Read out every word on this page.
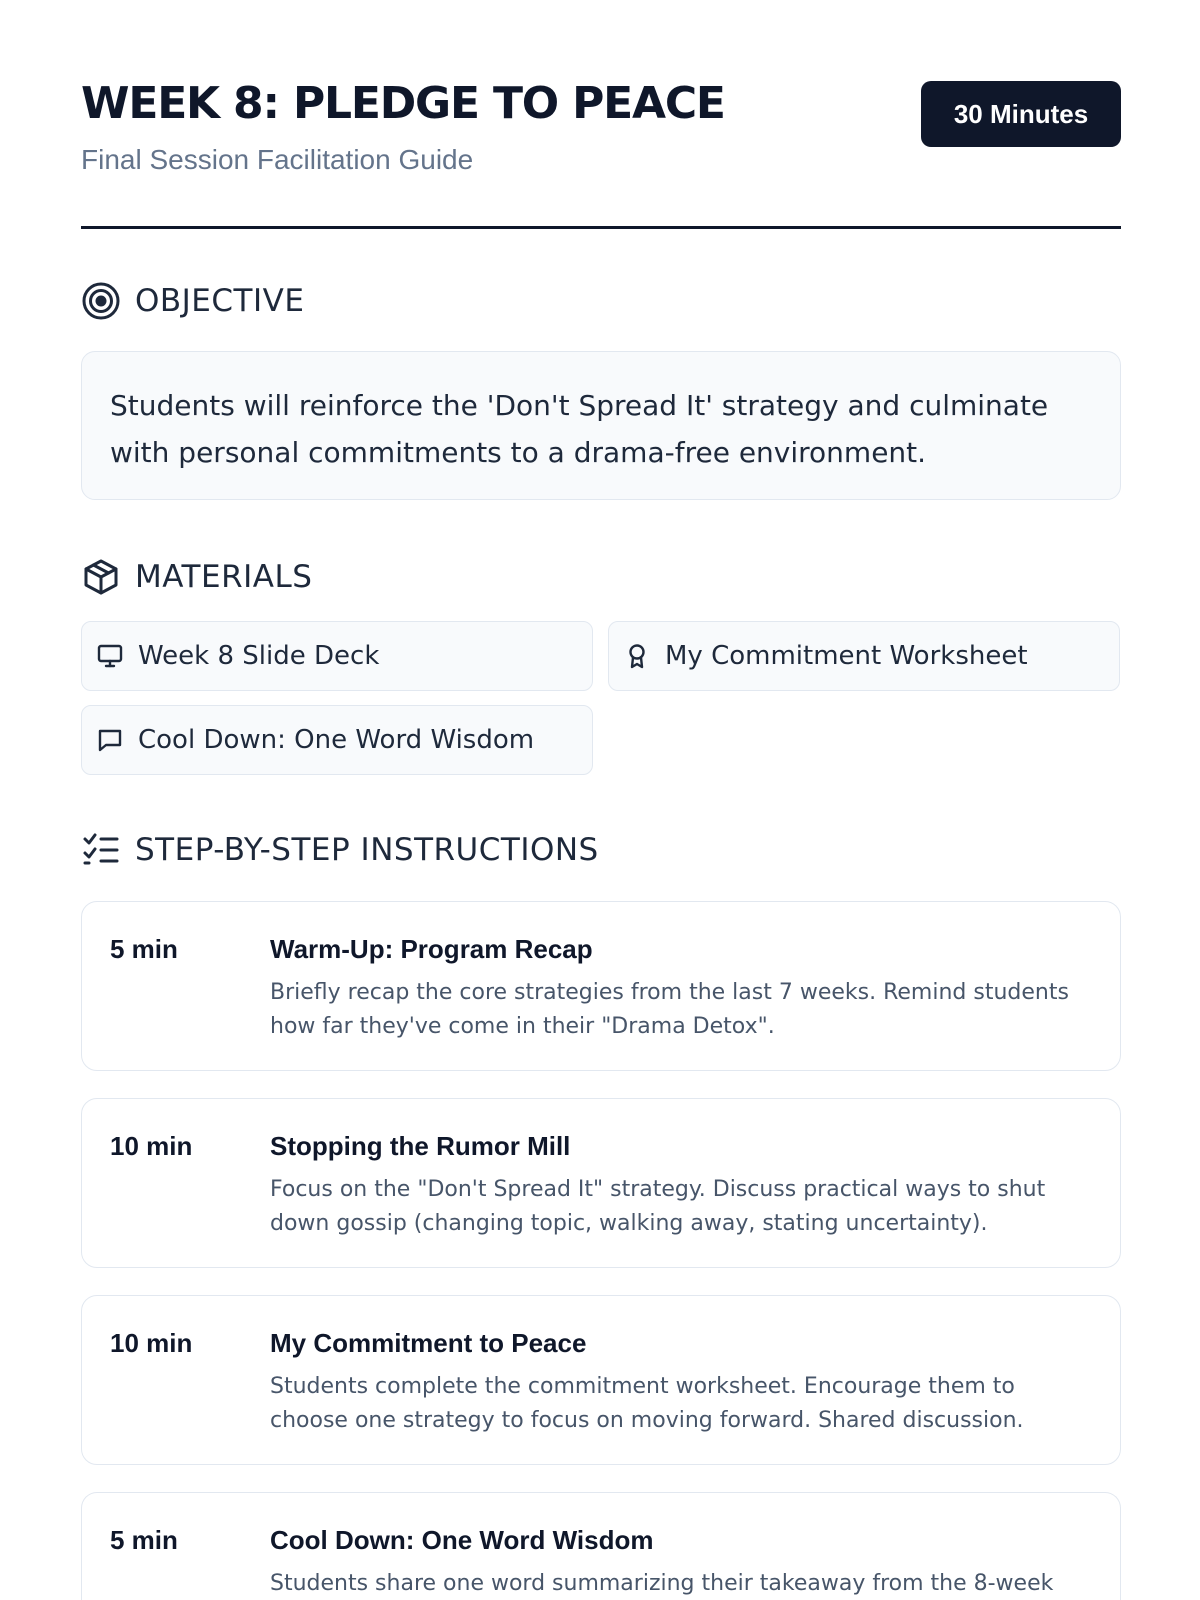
WEEK 8: PLEDGE TO PEACE
Final Session Facilitation Guide
30 Minutes
OBJECTIVE
Students will reinforce the 'Don't Spread It' strategy and culminate with personal commitments to a drama-free environment.
MATERIALS
Week 8 Slide Deck	My Commitment Worksheet
Cool Down: One Word Wisdom
STEP-BY-STEP INSTRUCTIONS
5 min	Warm-Up: Program Recap
Briefly recap the core strategies from the last 7 weeks. Remind students how far they've come in their "Drama Detox".
10 min	Stopping the Rumor Mill
Focus on the "Don't Spread It" strategy. Discuss practical ways to shut down gossip (changing topic, walking away, stating uncertainty).
10 min	My Commitment to Peace
Students complete the commitment worksheet. Encourage them to choose one strategy to focus on moving forward. Shared discussion.
5 min	Cool Down: One Word Wisdom
Students share one word summarizing their takeaway from the 8-week
